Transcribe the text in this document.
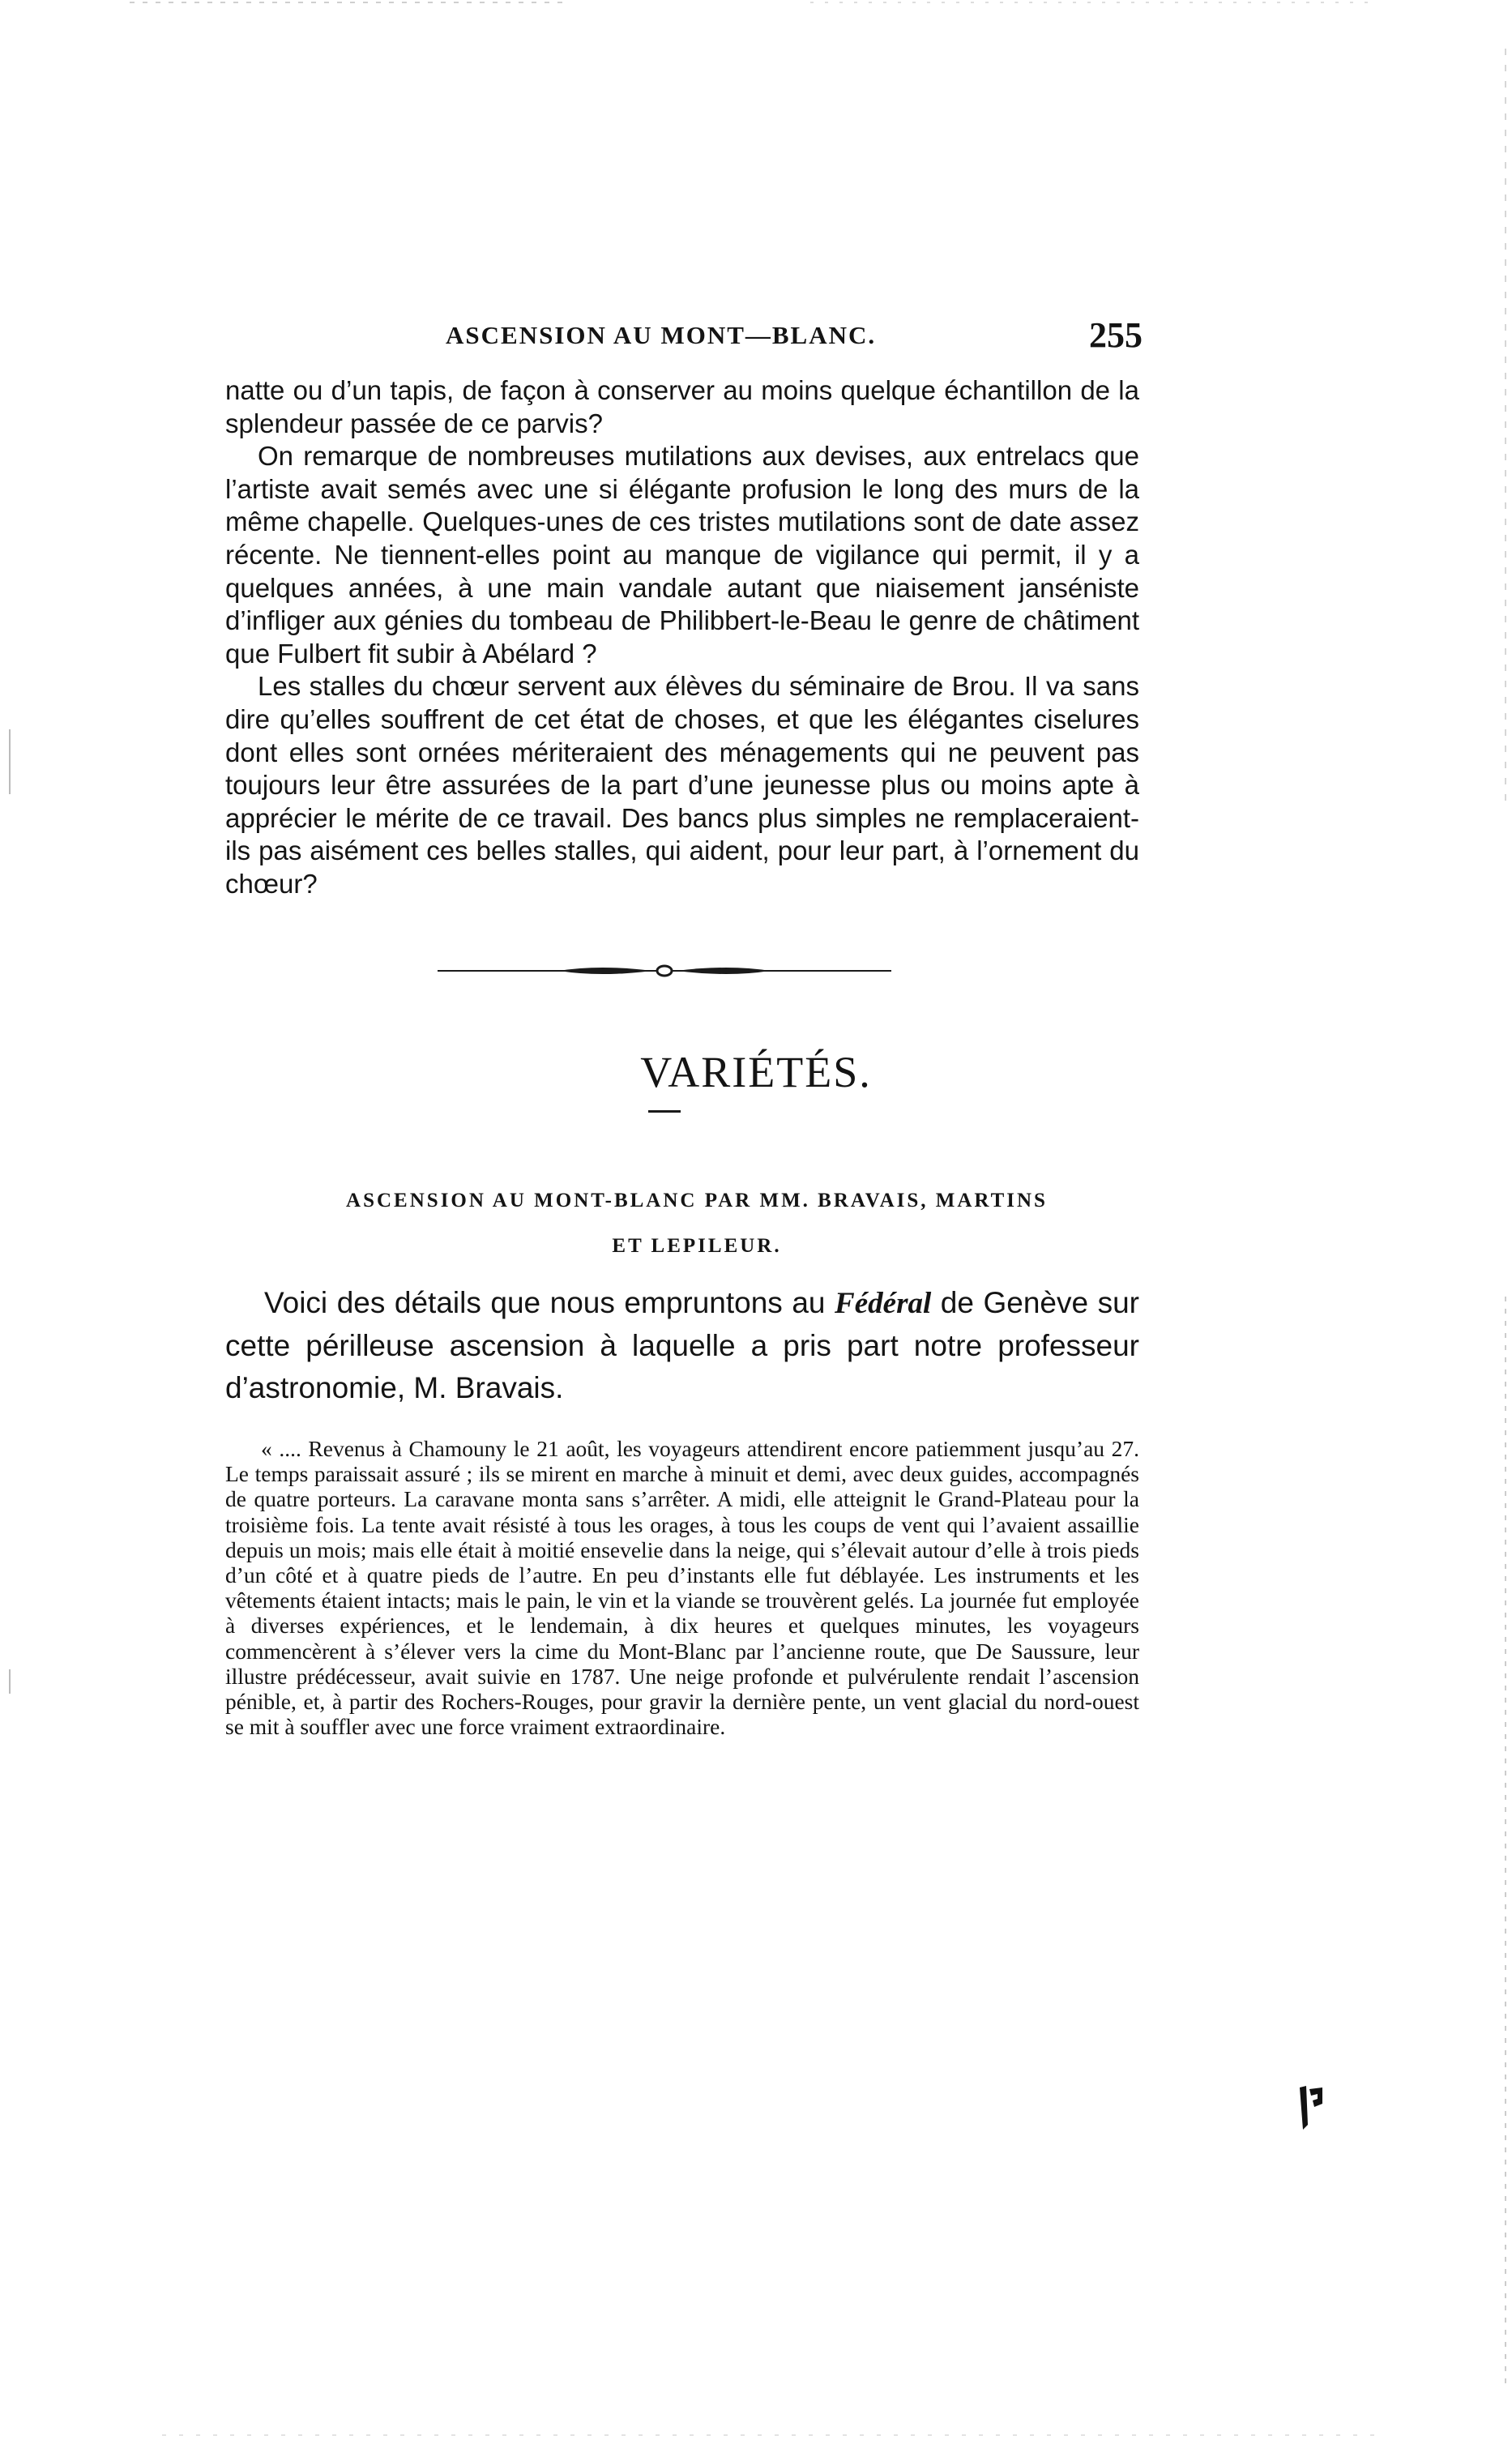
ASCENSION AU MONT—BLANC.	255

natte ou d’un tapis, de façon à conserver au moins quelque échantillon de la splendeur passée de ce parvis?

On remarque de nombreuses mutilations aux devises, aux entrelacs que l’artiste avait semés avec une si élégante profusion le long des murs de la même chapelle. Quelques-unes de ces tristes mutilations sont de date assez récente. Ne tiennent-elles point au manque de vigilance qui permit, il y a quelques années, à une main vandale autant que niaisement janséniste d’infliger aux génies du tombeau de Philibbert-le-Beau le genre de châtiment que Fulbert fit subir à Abélard ?

Les stalles du chœur servent aux élèves du séminaire de Brou. Il va sans dire qu’elles souffrent de cet état de choses, et que les élégantes ciselures dont elles sont ornées mériteraient des ménagements qui ne peuvent pas toujours leur être assurées de la part d’une jeunesse plus ou moins apte à apprécier le mérite de ce travail. Des bancs plus simples ne remplaceraient-ils pas aisément ces belles stalles, qui aident, pour leur part, à l’ornement du chœur?

VARIÉTÉS.
ASCENSION AU MONT-BLANC PAR MM. BRAVAIS, MARTINS
ET LEPILEUR.

Voici des détails que nous empruntons au Fédéral de Genève sur cette périlleuse ascension à laquelle a pris part notre professeur d’astronomie, M. Bravais.

« .... Revenus à Chamouny le 21 août, les voyageurs attendirent encore patiemment jusqu’au 27. Le temps paraissait assuré ; ils se mirent en marche à minuit et demi, avec deux guides, accompagnés de quatre porteurs. La caravane monta sans s’arrêter. A midi, elle atteignit le Grand-Plateau pour la troisième fois. La tente avait résisté à tous les orages, à tous les coups de vent qui l’avaient assaillie depuis un mois; mais elle était à moitié ensevelie dans la neige, qui s’élevait autour d’elle à trois pieds d’un côté et à quatre pieds de l’autre. En peu d’instants elle fut déblayée. Les instruments et les vêtements étaient intacts; mais le pain, le vin et la viande se trouvèrent gelés. La journée fut employée à diverses expériences, et le lendemain, à dix heures et quelques minutes, les voyageurs commencèrent à s’élever vers la cime du Mont-Blanc par l’ancienne route, que De Saussure, leur illustre prédécesseur, avait suivie en 1787. Une neige profonde et pulvérulente rendait l’ascension pénible, et, à partir des Rochers-Rouges, pour gravir la dernière pente, un vent glacial du nord-ouest se mit à souffler avec une force vraiment extraordinaire.
